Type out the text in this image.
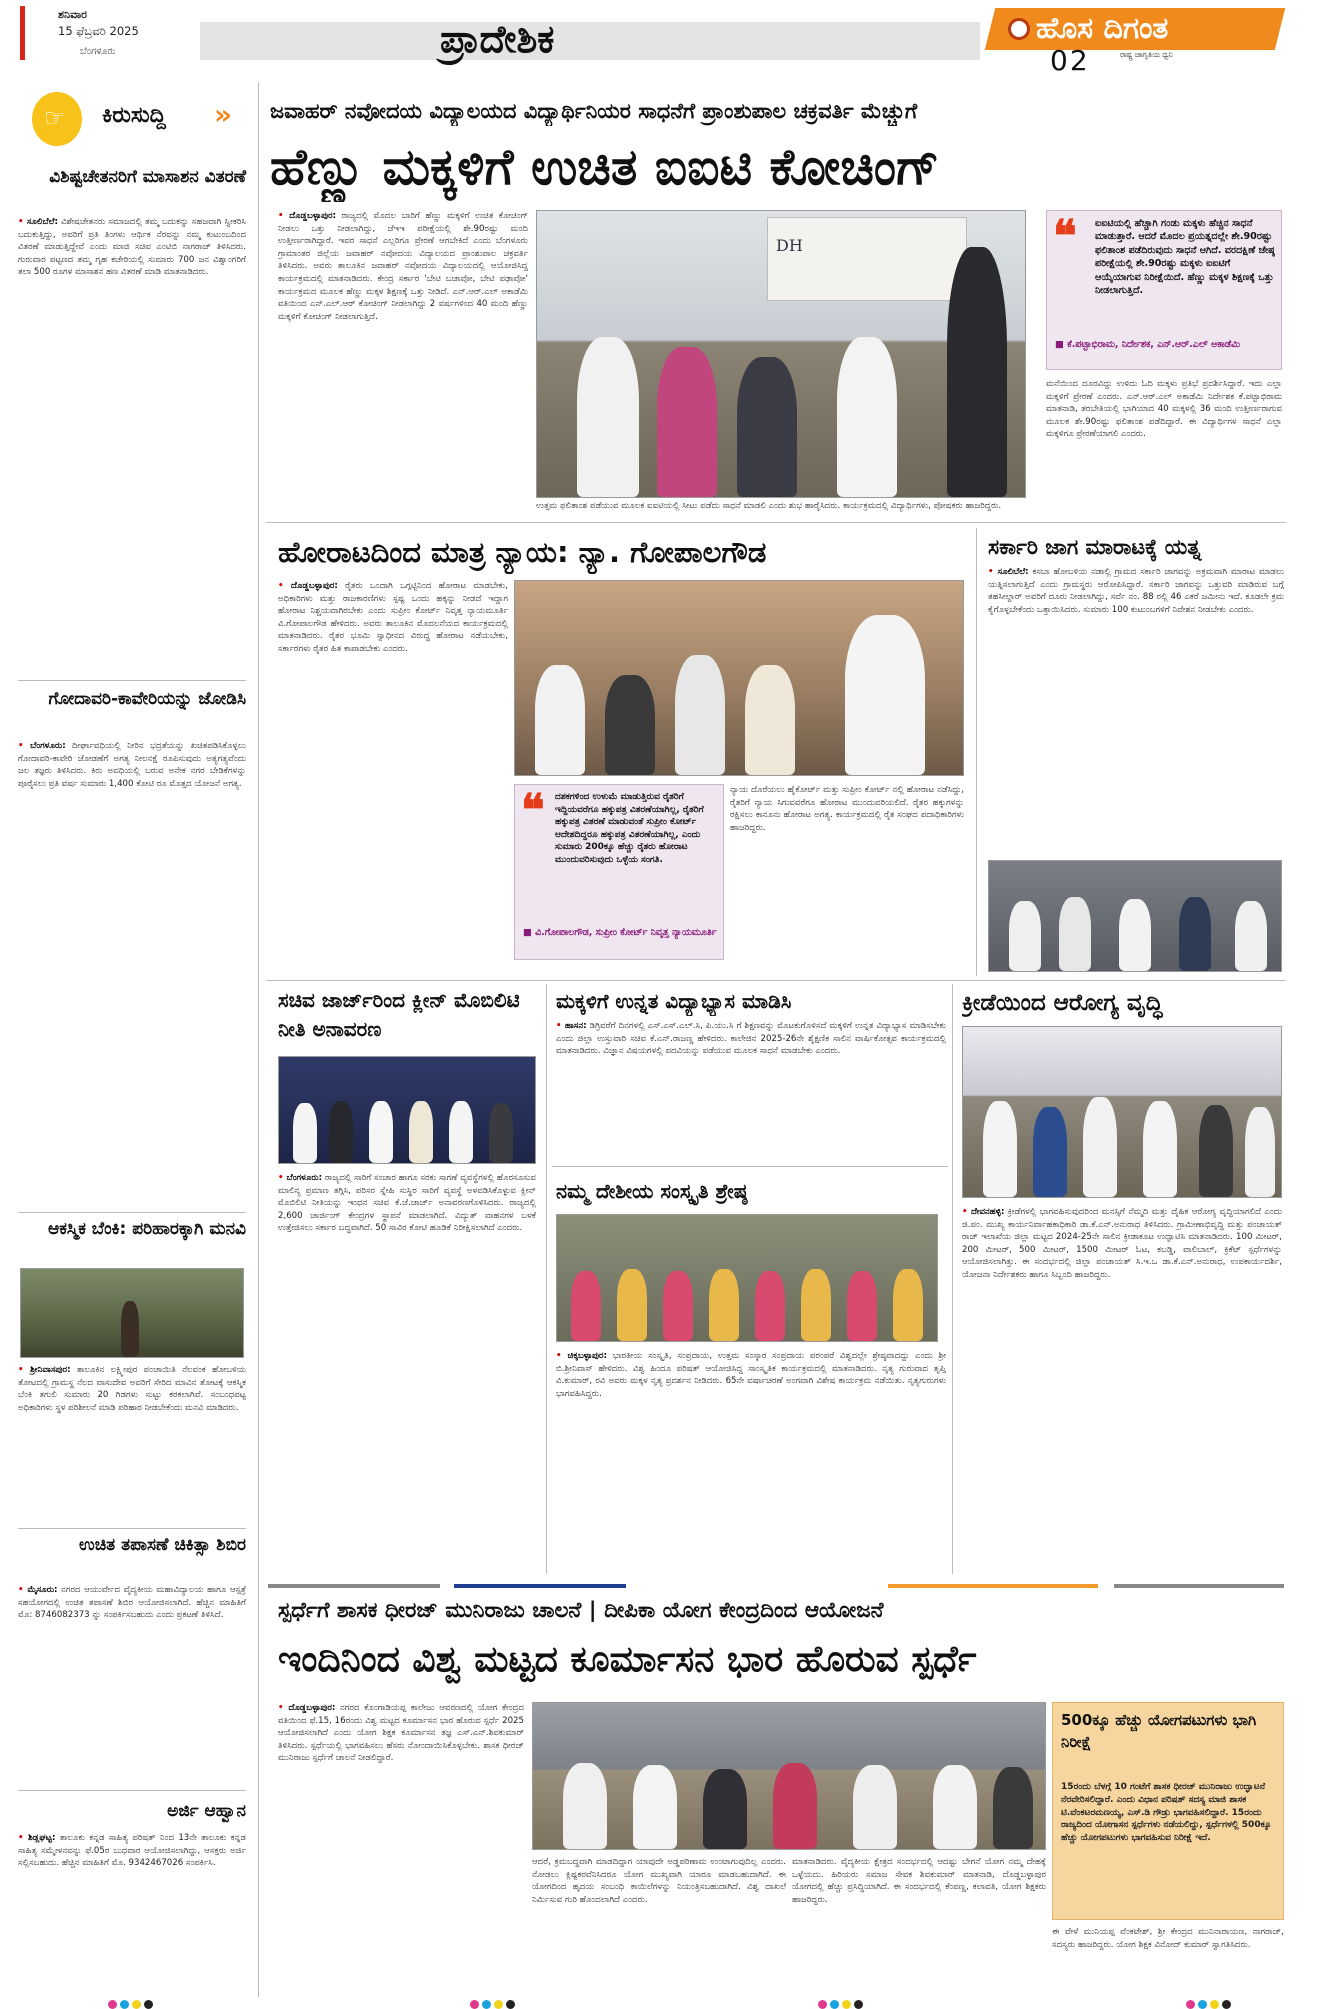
ಶನಿವಾರ
15 ಫೆಬ್ರವರಿ 2025
ಬೆಂಗಳೂರು	ಪ್ರಾದೇಶಿಕ	ಹೊಸ ದಿಗಂತ
ರಾಷ್ಟ್ರ ಜಾಗೃತಿಯ ಧ್ವನಿ
02
☞ ಕಿರುಸುದ್ದಿ »
ವಿಶಿಷ್ಟಚೇತನರಿಗೆ ಮಾಸಾಶನ ವಿತರಣೆ
• ಸೂಲಿಬೆಲೆ: ವಿಶೇಷಚೇತನರು ಸಮಾಜದಲ್ಲಿ ತಮ್ಮ ಬದುಕನ್ನು ಸಹಜವಾಗಿ ಸ್ವೀಕರಿಸಿ ಬದುಕುತ್ತಿದ್ದು, ಅವರಿಗೆ ಪ್ರತಿ ತಿಂಗಳು ಆರ್ಥಿಕ ನೆರವನ್ನು ನಮ್ಮ ಕುಟುಂಬದಿಂದ ವಿತರಣೆ ಮಾಡುತ್ತಿದ್ದೇವೆ ಎಂದು ಮಾಜಿ ಸಚಿವ ಎಂಟಿಬಿ ನಾಗರಾಜ್ ತಿಳಿಸಿದರು. ಗುರುವಾರ ಪಟ್ಟಣದ ತಮ್ಮ ಗೃಹ ಕಚೇರಿಯಲ್ಲಿ ಸುಮಾರು 700 ಜನ ವಿಶ್ವಾಂಗರಿಗೆ ತಲಾ 500 ರೂಗಳ ಮಾಸಾಶನ ಹಣ ವಿತರಣೆ ಮಾಡಿ ಮಾತನಾಡಿದರು.
ಗೋದಾವರಿ-ಕಾವೇರಿಯನ್ನು ಜೋಡಿಸಿ
• ಬೆಂಗಳೂರು: ದೀರ್ಘಾವಧಿಯಲ್ಲಿ ನೀರಿನ ಭದ್ರತೆಯನ್ನು ಖಚಿತಪಡಿಸಿಕೊಳ್ಳಲು ಗೋದಾವರಿ-ಕಾವೇರಿ ಜೋಡಣೆಗೆ ಅಗತ್ಯ ನೀಲನಕ್ಷೆ ರೂಪಿಸುವುದು ಅತ್ಯಗತ್ಯವೆಂದು ಜಲ ತಜ್ಞರು ತಿಳಿಸಿದರು. ಕಿರು ಅವಧಿಯಲ್ಲಿ ಬರುವ ಅನೇಕ ನಗರ ಬೇಡಿಕೆಗಳನ್ನು ಪೂರೈಸಲು ಪ್ರತಿ ವರ್ಷ ಸುಮಾರು 1,400 ಕೋಟಿ ರೂ ಮೊತ್ತದ ಯೋಜನೆ ಅಗತ್ಯ.
ಆಕಸ್ಮಿಕ ಬೆಂಕಿ: ಪರಿಹಾರಕ್ಕಾಗಿ ಮನವಿ
• ಶ್ರೀನಿವಾಸಪುರ: ತಾಲೂಕಿನ ಲಕ್ಷ್ಮೀಪುರ ಪಂಚಾಯಿತಿ ನೆಲವಂಕ ಹೋಬಳಿಯ ತೋಟದಲ್ಲಿ ಗ್ರಾಮಸ್ಥ ನೆಲದ ವಾಸುದೇವ ಅವರಿಗೆ ಸೇರಿದ ಮಾವಿನ ತೋಟಕ್ಕೆ ಆಕಸ್ಮಿಕ ಬೆಂಕಿ ತಗುಲಿ ಸುಮಾರು 20 ಗಿಡಗಳು ಸುಟ್ಟು ಕರಕಲಾಗಿವೆ. ಸಂಬಂಧಪಟ್ಟ ಅಧಿಕಾರಿಗಳು ಸ್ಥಳ ಪರಿಶೀಲನೆ ಮಾಡಿ ಪರಿಹಾರ ನೀಡಬೇಕೆಂದು ಮನವಿ ಮಾಡಿದರು.
ಉಚಿತ ತಪಾಸಣೆ ಚಿಕಿತ್ಸಾ ಶಿಬಿರ
• ಮೈಸೂರು: ನಗರದ ಆಯುರ್ವೇದ ವೈದ್ಯಕೀಯ ಮಹಾವಿದ್ಯಾಲಯ ಹಾಗೂ ಆಸ್ಪತ್ರೆ ಸಹಯೋಗದಲ್ಲಿ ಉಚಿತ ತಪಾಸಣೆ ಶಿಬಿರ ಆಯೋಜಿಸಲಾಗಿದೆ. ಹೆಚ್ಚಿನ ಮಾಹಿತಿಗೆ ಮೊ: 8746082373 ನ್ನು ಸಂಪರ್ಕಿಸಬಹುದು ಎಂದು ಪ್ರಕಟಣೆ ತಿಳಿಸಿದೆ.
ಅರ್ಜಿ ಆಹ್ವಾನ
• ಶಿಡ್ಲಘಟ್ಟ: ತಾಲೂಕು ಕನ್ನಡ ಸಾಹಿತ್ಯ ಪರಿಷತ್ ನಿಂದ 13ನೇ ತಾಲೂಕು ಕನ್ನಡ ಸಾಹಿತ್ಯ ಸಮ್ಮೇಳನವನ್ನು ಫೆ.05ರ ಬುಧವಾರ ಆಯೋಜಿಸಲಾಗಿದ್ದು, ಆಸಕ್ತರು ಅರ್ಜಿ ಸಲ್ಲಿಸಬಹುದು. ಹೆಚ್ಚಿನ ಮಾಹಿತಿಗೆ ಮೊ. 9342467026 ಸಂಪರ್ಕಿಸಿ.
ಜವಾಹರ್ ನವೋದಯ ವಿದ್ಯಾಲಯದ ವಿದ್ಯಾರ್ಥಿನಿಯರ ಸಾಧನೆಗೆ ಪ್ರಾಂಶುಪಾಲ ಚಕ್ರವರ್ತಿ ಮೆಚ್ಚುಗೆ
ಹೆಣ್ಣು ಮಕ್ಕಳಿಗೆ ಉಚಿತ ಐಐಟಿ ಕೋಚಿಂಗ್
• ದೊಡ್ಡಬಳ್ಳಾಪುರ: ರಾಜ್ಯದಲ್ಲಿ ಮೊದಲ ಬಾರಿಗೆ ಹೆಣ್ಣು ಮಕ್ಕಳಿಗೆ ಉಚಿತ ಕೋಚಿಂಗ್ ನೀಡಲು ಒತ್ತು ನೀಡಲಾಗಿದ್ದು, ಜೆಇಇ ಪರೀಕ್ಷೆಯಲ್ಲಿ ಶೇ.90ರಷ್ಟು ಮಂದಿ ಉತ್ತೀರ್ಣರಾಗಿದ್ದಾರೆ. ಇವರ ಸಾಧನೆ ಎಲ್ಲರಿಗೂ ಪ್ರೇರಣೆ ಆಗಬೇಕಿದೆ ಎಂದು ಬೆಂಗಳೂರು ಗ್ರಾಮಾಂತರ ಜಿಲ್ಲೆಯ ಜವಾಹರ್ ನವೋದಯ ವಿದ್ಯಾಲಯದ ಪ್ರಾಂಶುಪಾಲ ಚಕ್ರವರ್ತಿ ತಿಳಿಸಿದರು. ಅವರು ತಾಲೂಕಿನ ಜವಾಹರ್ ನವೋದಯ ವಿದ್ಯಾಲಯದಲ್ಲಿ ಆಯೋಜಿಸಿದ್ದ ಕಾರ್ಯಕ್ರಮದಲ್ಲಿ ಮಾತನಾಡಿದರು. ಕೇಂದ್ರ ಸರ್ಕಾರ 'ಬೇಟಿ ಬಚಾವೋ, ಬೇಟಿ ಪಢಾವೋ' ಕಾರ್ಯಕ್ರಮದ ಮೂಲಕ ಹೆಣ್ಣು ಮಕ್ಕಳ ಶಿಕ್ಷಣಕ್ಕೆ ಒತ್ತು ನೀಡಿದೆ. ಎನ್.ಆರ್.ಎಲ್ ಅಕಾಡೆಮಿ ವತಿಯಿಂದ ಎನ್.ಎಲ್.ಆರ್ ಕೋಚಿಂಗ್ ನೀಡಲಾಗಿದ್ದು 2 ವರ್ಷಗಳಿಂದ 40 ಮಂದಿ ಹೆಣ್ಣು ಮಕ್ಕಳಿಗೆ ಕೋಚಿಂಗ್ ನೀಡಲಾಗುತ್ತಿದೆ.
DH
ಉತ್ತಮ ಫಲಿತಾಂಶ ಪಡೆಯುವ ಮೂಲಕ ಐಐಟಿಯಲ್ಲಿ ಸೀಟು ಪಡೆದು ಸಾಧನೆ ಮಾಡಲಿ ಎಂದು ಶುಭ ಹಾರೈಸಿದರು. ಕಾರ್ಯಕ್ರಮದಲ್ಲಿ ವಿದ್ಯಾರ್ಥಿಗಳು, ಪೋಷಕರು ಹಾಜರಿದ್ದರು.
❝ ಐಐಟಿಯಲ್ಲಿ ಹೆಚ್ಚಾಗಿ ಗಂಡು ಮಕ್ಕಳು ಹೆಚ್ಚಿನ ಸಾಧನೆ ಮಾಡುತ್ತಾರೆ. ಆದರೆ ಮೊದಲ ಪ್ರಯತ್ನದಲ್ಲೇ ಶೇ.90ರಷ್ಟು ಫಲಿತಾಂಶ ಪಡೆದಿರುವುದು ಸಾಧನೆ ಆಗಿದೆ. ವರದಕ್ಷಿಣೆ ಜೇಷ್ಠ ಪರೀಕ್ಷೆಯಲ್ಲಿ ಶೇ.90ರಷ್ಟು ಮಕ್ಕಳು ಐಐಟಿಗೆ ಆಯ್ಕೆಯಾಗುವ ನಿರೀಕ್ಷೆಯಿದೆ. ಹೆಣ್ಣು ಮಕ್ಕಳ ಶಿಕ್ಷಣಕ್ಕೆ ಒತ್ತು ನೀಡಲಾಗುತ್ತಿದೆ.
■ ಕೆ.ಪಟ್ಟಾಭಿರಾಮ, ನಿರ್ದೇಶಕ, ಎನ್.ಆರ್.ಎಲ್ ಅಕಾಡೆಮಿ
ಮನೆಯಿಂದ ದೂರವಿದ್ದು ಉಳಿದು ಓದಿ ಮಕ್ಕಳು ಪ್ರತಿಭೆ ಪ್ರದರ್ಶಿಸಿದ್ದಾರೆ. ಇದು ಎಲ್ಲಾ ಮಕ್ಕಳಿಗೆ ಪ್ರೇರಣೆ ಎಂದರು. ಎನ್.ಆರ್.ಎಲ್ ಅಕಾಡೆಮಿ ನಿರ್ದೇಶಕ ಕೆ.ಪಟ್ಟಾಭಿರಾಮ ಮಾತನಾಡಿ, ತರಬೇತಿಯಲ್ಲಿ ಭಾಗಿಯಾದ 40 ಮಕ್ಕಳಲ್ಲಿ 36 ಮಂದಿ ಉತ್ತೀರ್ಣರಾಗುವ ಮೂಲಕ ಶೇ.90ರಷ್ಟು ಫಲಿತಾಂಶ ಪಡೆದಿದ್ದಾರೆ. ಈ ವಿದ್ಯಾರ್ಥಿಗಳ ಸಾಧನೆ ಎಲ್ಲಾ ಮಕ್ಕಳಿಗೂ ಪ್ರೇರಣೆಯಾಗಲಿ ಎಂದರು.
ಹೋರಾಟದಿಂದ ಮಾತ್ರ ನ್ಯಾಯ: ನ್ಯಾ. ಗೋಪಾಲಗೌಡ
• ದೊಡ್ಡಬಳ್ಳಾಪುರ: ರೈತರು ಒಂದಾಗಿ ಒಗ್ಗಟ್ಟಿನಿಂದ ಹೋರಾಟ ಮಾಡಬೇಕು, ಅಧಿಕಾರಿಗಳು ಮತ್ತು ರಾಜಕಾರಣಿಗಳು ಸ್ಪಷ್ಟ ಒಂದು ಹಕ್ಕನ್ನು ನೀಡದೆ ಇದ್ದಾಗ ಹೋರಾಟ ನಿಶ್ಚಯವಾಗಿರಬೇಕು ಎಂದು ಸುಪ್ರೀಂ ಕೋರ್ಟ್ ನಿವೃತ್ತ ನ್ಯಾಯಮೂರ್ತಿ ವಿ.ಗೋಪಾಲಗೌಡ ಹೇಳಿದರು. ಅವರು ತಾಲೂಕಿನ ಮೊದಲನೆಯದ ಕಾರ್ಯಕ್ರಮದಲ್ಲಿ ಮಾತನಾಡಿದರು. ರೈತರ ಭೂಮಿ ಸ್ವಾಧೀನದ ವಿರುದ್ಧ ಹೋರಾಟ ನಡೆಯಬೇಕು, ಸರ್ಕಾರಗಳು ರೈತರ ಹಿತ ಕಾಪಾಡಬೇಕು ಎಂದರು.
❝ ದಶಕಗಳಿಂದ ಉಳುಮೆ ಮಾಡುತ್ತಿರುವ ರೈತರಿಗೆ ಇದ್ದಿಯವರೆಗೂ ಹಕ್ಕುಪತ್ರ ವಿತರಣೆಯಾಗಿಲ್ಲ, ರೈತರಿಗೆ ಹಕ್ಕುಪತ್ರ ವಿತರಣೆ ಮಾಡುವಂತೆ ಸುಪ್ರೀಂ ಕೋರ್ಟ್ ಆದೇಶದಿದ್ದರೂ ಹಕ್ಕುಪತ್ರ ವಿತರಣೆಯಾಗಿಲ್ಲ, ಎಂದು ಸುಮಾರು 200ಕ್ಕೂ ಹೆಚ್ಚು ರೈತರು ಹೋರಾಟ ಮುಂದುವರಿಸುವುದು ಒಳ್ಳೆಯ ಸಂಗತಿ.
■ ವಿ.ಗೋಪಾಲಗೌಡ, ಸುಪ್ರೀಂ ಕೋರ್ಟ್ ನಿವೃತ್ತ ನ್ಯಾಯಮೂರ್ತಿ
ನ್ಯಾಯ ದೊರೆಯಲು ಹೈಕೋರ್ಟ್ ಮತ್ತು ಸುಪ್ರೀಂ ಕೋರ್ಟ್ ನಲ್ಲಿ ಹೋರಾಟ ನಡೆಸಿದ್ದು, ರೈತರಿಗೆ ನ್ಯಾಯ ಸಿಗುವವರೆಗೂ ಹೋರಾಟ ಮುಂದುವರಿಯಲಿದೆ. ರೈತರ ಹಕ್ಕುಗಳನ್ನು ರಕ್ಷಿಸಲು ಕಾನೂನು ಹೋರಾಟ ಅಗತ್ಯ. ಕಾರ್ಯಕ್ರಮದಲ್ಲಿ ರೈತ ಸಂಘದ ಪದಾಧಿಕಾರಿಗಳು ಹಾಜರಿದ್ದರು.
ಸರ್ಕಾರಿ ಜಾಗ ಮಾರಾಟಕ್ಕೆ ಯತ್ನ
• ಸೂಲಿಬೆಲೆ: ಕಸಬಾ ಹೋಬಳಿಯ ನಡಾಲ್ಲಿ ಗ್ರಾಮದ ಸರ್ಕಾರಿ ಜಾಗವನ್ನು ಅಕ್ರಮವಾಗಿ ಮಾರಾಟ ಮಾಡಲು ಯತ್ನಿಸಲಾಗುತ್ತಿದೆ ಎಂದು ಗ್ರಾಮಸ್ಥರು ಆರೋಪಿಸಿದ್ದಾರೆ. ಸರ್ಕಾರಿ ಜಾಗವನ್ನು ಒತ್ತುವರಿ ಮಾಡಿರುವ ಬಗ್ಗೆ ತಹಸೀಲ್ದಾರ್ ಅವರಿಗೆ ದೂರು ನೀಡಲಾಗಿದ್ದು, ಸರ್ವೆ ನಂ. 88 ರಲ್ಲಿ 46 ಎಕರೆ ಜಮೀನು ಇದೆ. ಕೂಡಲೇ ಕ್ರಮ ಕೈಗೊಳ್ಳಬೇಕೆಂದು ಒತ್ತಾಯಿಸಿದರು. ಸುಮಾರು 100 ಕುಟುಂಬಗಳಿಗೆ ನಿವೇಶನ ನೀಡಬೇಕು ಎಂದರು.
ಸಚಿವ ಜಾರ್ಜ್‌ರಿಂದ ಕ್ಲೀನ್ ಮೊಬಿಲಿಟಿ ನೀತಿ ಅನಾವರಣ
• ಬೆಂಗಳೂರು: ರಾಜ್ಯದಲ್ಲಿ ಸಾರಿಗೆ ಸಂಚಾರ ಹಾಗೂ ಸರಕು ಸಾಗಣೆ ವ್ಯವಸ್ಥೆಗಳಲ್ಲಿ ಹೊರಸೂಸುವ ಮಾಲಿನ್ಯ ಪ್ರಮಾಣ ತಗ್ಗಿಸಿ, ಪರಿಸರ ಸ್ನೇಹಿ ಸುಸ್ಥಿರ ಸಾರಿಗೆ ವ್ಯವಸ್ಥೆ ಅಳವಡಿಸಿಕೊಳ್ಳುವ ಕ್ಲೀನ್ ಮೊಬಿಲಿಟಿ ನೀತಿಯನ್ನು ಇಂಧನ ಸಚಿವ ಕೆ.ಜೆ.ಜಾರ್ಜ್ ಅನಾವರಣಗೊಳಿಸಿದರು. ರಾಜ್ಯದಲ್ಲಿ 2,600 ಚಾರ್ಜಿಂಗ್ ಕೇಂದ್ರಗಳ ಸ್ಥಾಪನೆ ಮಾಡಲಾಗಿದೆ. ವಿದ್ಯುತ್ ವಾಹನಗಳ ಬಳಕೆ ಉತ್ತೇಜಿಸಲು ಸರ್ಕಾರ ಬದ್ಧವಾಗಿದೆ. 50 ಸಾವಿರ ಕೋಟಿ ಹೂಡಿಕೆ ನಿರೀಕ್ಷಿಸಲಾಗಿದೆ ಎಂದರು.
ಮಕ್ಕಳಿಗೆ ಉನ್ನತ ವಿದ್ಯಾಭ್ಯಾಸ ಮಾಡಿಸಿ
• ಹಾಸನ: ಡಿಗ್ರಿವರೆಗೆ ದಿನಗಳಲ್ಲಿ ಎಸ್.ಎಸ್.ಎಲ್.ಸಿ, ಪಿ.ಯು.ಸಿ ಗೆ ಶಿಕ್ಷಣವನ್ನು ಮೊಟಕುಗೊಳಿಸದೆ ಮಕ್ಕಳಿಗೆ ಉನ್ನತ ವಿದ್ಯಾಭ್ಯಾಸ ಮಾಡಿಸಬೇಕು ಎಂದು ಜಿಲ್ಲಾ ಉಸ್ತುವಾರಿ ಸಚಿವ ಕೆ.ಎನ್.ರಾಜಣ್ಣ ಹೇಳಿದರು. ಕಾಲೇಜಿನ 2025-26ನೇ ಶೈಕ್ಷಣಿಕ ಸಾಲಿನ ವಾರ್ಷಿಕೋತ್ಸವ ಕಾರ್ಯಕ್ರಮದಲ್ಲಿ ಮಾತನಾಡಿದರು. ವಿಜ್ಞಾನ ವಿಷಯಗಳಲ್ಲಿ ಪದವಿಯನ್ನು ಪಡೆಯುವ ಮೂಲಕ ಸಾಧನೆ ಮಾಡಬೇಕು ಎಂದರು.
ನಮ್ಮ ದೇಶೀಯ ಸಂಸ್ಕೃತಿ ಶ್ರೇಷ್ಠ
• ಚಿಕ್ಕಬಳ್ಳಾಪುರ: ಭಾರತೀಯ ಸಂಸ್ಕೃತಿ, ಸಂಪ್ರದಾಯ, ಉತ್ತಮ ಸಂಸ್ಕಾರ ಸಂಪ್ರದಾಯ ಪರಂಪರೆ ವಿಶ್ವದಲ್ಲೇ ಶ್ರೇಷ್ಠವಾದದ್ದು ಎಂದು ಶ್ರೀ ಬಿ.ಶ್ರೀನಿವಾಸ್ ಹೇಳಿದರು. ವಿಶ್ವ ಹಿಂದೂ ಪರಿಷತ್ ಆಯೋಜಿಸಿದ್ದ ಸಾಂಸ್ಕೃತಿಕ ಕಾರ್ಯಕ್ರಮದಲ್ಲಿ ಮಾತನಾಡಿದರು. ನೃತ್ಯ ಗುರುವಾದ ತೃಪ್ತಿ ವಿ.ಕುಮಾರ್, ರವಿ ಅವರು ಮಕ್ಕಳ ನೃತ್ಯ ಪ್ರದರ್ಶನ ನೀಡಿದರು. 65ನೇ ವರ್ಷಾಚರಣೆ ಅಂಗವಾಗಿ ವಿಶೇಷ ಕಾರ್ಯಕ್ರಮ ನಡೆಯಿತು. ನೃತ್ಯಗುರುಗಳು ಭಾಗವಹಿಸಿದ್ದರು.
ಕ್ರೀಡೆಯಿಂದ ಆರೋಗ್ಯ ವೃದ್ಧಿ
• ದೇವನಹಳ್ಳಿ: ಕ್ರೀಡೆಗಳಲ್ಲಿ ಭಾಗವಹಿಸುವುದರಿಂದ ಮನಸ್ಸಿಗೆ ನೆಮ್ಮದಿ ಮತ್ತು ದೈಹಿಕ ಆರೋಗ್ಯ ವೃದ್ಧಿಯಾಗಲಿದೆ ಎಂದು ಜಿ.ಪಂ. ಮುಖ್ಯ ಕಾರ್ಯನಿರ್ವಾಹಕಾಧಿಕಾರಿ ಡಾ.ಕೆ.ಎನ್.ಅನುರಾಧ ತಿಳಿಸಿದರು. ಗ್ರಾಮೀಣಾಭಿವೃದ್ಧಿ ಮತ್ತು ಪಂಚಾಯತ್ ರಾಜ್ ಇಲಾಖೆಯ ಜಿಲ್ಲಾ ಮಟ್ಟದ 2024-25ನೇ ಸಾಲಿನ ಕ್ರೀಡಾಕೂಟ ಉದ್ಘಾಟಿಸಿ ಮಾತನಾಡಿದರು. 100 ಮೀಟರ್, 200 ಮೀಟರ್, 500 ಮೀಟರ್, 1500 ಮೀಟರ್ ಓಟ, ಕಬಡ್ಡಿ, ವಾಲಿಬಾಲ್, ಕ್ರಿಕೆಟ್ ಸ್ಪರ್ಧೆಗಳನ್ನು ಆಯೋಜಿಸಲಾಗಿತ್ತು. ಈ ಸಂದರ್ಭದಲ್ಲಿ ಜಿಲ್ಲಾ ಪಂಚಾಯತ್ ಸಿ.ಇ.ಒ ಡಾ.ಕೆ.ಎನ್.ಅನುರಾಧ, ಉಪಕಾರ್ಯದರ್ಶಿ, ಯೋಜನಾ ನಿರ್ದೇಶಕರು ಹಾಗೂ ಸಿಬ್ಬಂದಿ ಹಾಜರಿದ್ದರು.
ಸ್ಪರ್ಧೆಗೆ ಶಾಸಕ ಧೀರಜ್ ಮುನಿರಾಜು ಚಾಲನೆ | ದೀಪಿಕಾ ಯೋಗ ಕೇಂದ್ರದಿಂದ ಆಯೋಜನೆ
ಇಂದಿನಿಂದ ವಿಶ್ವ ಮಟ್ಟದ ಕೂರ್ಮಾಸನ ಭಾರ ಹೊರುವ ಸ್ಪರ್ಧೆ
• ದೊಡ್ಡಬಳ್ಳಾಪುರ: ನಗರದ ಕೊಂಗಾಡಿಯಪ್ಪ ಕಾಲೇಜು ಆವರಣದಲ್ಲಿ ಯೋಗ ಕೇಂದ್ರದ ವತಿಯಿಂದ ಫೆ.15, 16ರಂದು ವಿಶ್ವ ಮಟ್ಟದ ಕೂರ್ಮಾಸನ ಭಾರ ಹೊರುವ ಸ್ಪರ್ಧೆ 2025 ಆಯೋಜಿಸಲಾಗಿದೆ ಎಂದು ಯೋಗ ಶಿಕ್ಷಕ ಕೂರ್ಮಾಸನ ತಜ್ಞ ಎಸ್.ಎನ್.ಶಿವಕುಮಾರ್ ತಿಳಿಸಿದರು. ಸ್ಪರ್ಧೆಯಲ್ಲಿ ಭಾಗವಹಿಸಲು ಹೆಸರು ನೋಂದಾಯಿಸಿಕೊಳ್ಳಬೇಕು. ಶಾಸಕ ಧೀರಜ್ ಮುನಿರಾಜು ಸ್ಪರ್ಧೆಗೆ ಚಾಲನೆ ನೀಡಲಿದ್ದಾರೆ.
ಆದರೆ, ಕ್ರಮಬದ್ಧವಾಗಿ ಮಾಡದಿದ್ದಾಗ ಯಾವುದೇ ಅಡ್ಡಪರಿಣಾಮ ಉಂಟಾಗುವುದಿಲ್ಲ ಎಂದರು. ನೋಡಲು ಕ್ಲಿಷ್ಟಕರವೆನಿಸಿದರೂ ಯೋಗ ಮುಖ್ಯವಾಗಿ ಯಾರೂ ಮಾಡಬಹುದಾಗಿದೆ. ಈ ಯೋಗದಿಂದ ಹೃದಯ ಸಂಬಂಧಿ ಕಾಯಿಲೆಗಳನ್ನು ನಿಯಂತ್ರಿಸಬಹುದಾಗಿದೆ. ವಿಶ್ವ ದಾಖಲೆ ನಿರ್ಮಿಸುವ ಗುರಿ ಹೊಂದಲಾಗಿದೆ ಎಂದರು.
ಮಾತನಾಡಿದರು. ವೈದ್ಯಕೀಯ ಕ್ಷೇತ್ರದ ಸಂದರ್ಭದಲ್ಲಿ ಆದಷ್ಟು ಬೇಗನೆ ಯೋಗ ನಮ್ಮ ದೇಹಕ್ಕೆ ಒಳ್ಳೆಯದು. ಹಿರಿಯರು ಸಮಾಜ ಸೇವಕ ಶಿವಕುಮಾರ್ ಮಾತನಾಡಿ, ದೊಡ್ಡಬಳ್ಳಾಪುರ ಯೋಗದಲ್ಲಿ ಹೆಚ್ಚು ಪ್ರಸಿದ್ಧಿಯಾಗಿದೆ. ಈ ಸಂದರ್ಭದಲ್ಲಿ ಕೆಂಪಣ್ಣ, ಕಲಾವತಿ, ಯೋಗ ಶಿಕ್ಷಕರು ಹಾಜರಿದ್ದರು.
500ಕ್ಕೂ ಹೆಚ್ಚು ಯೋಗಪಟುಗಳು ಭಾಗಿ ನಿರೀಕ್ಷೆ
15ರಂದು ಬೆಳಗ್ಗೆ 10 ಗಂಟೆಗೆ ಶಾಸಕ ಧೀರಜ್ ಮುನಿರಾಜು ಉದ್ಘಾಟನೆ ನೆರವೇರಿಸಲಿದ್ದಾರೆ. ಎಂದು ವಿಧಾನ ಪರಿಷತ್ ಸದಸ್ಯ ಮಾಜಿ ಶಾಸಕ ಟಿ.ವೆಂಕಟರಮಣಯ್ಯ, ಎಸ್.ಡಿ ಗೌಡ್ರು ಭಾಗವಹಿಸಲಿದ್ದಾರೆ. 15ರಂದು ರಾಜ್ಯದಿಂದ ಯೋಗಾಸನ ಸ್ಪರ್ಧೆಗಳು ನಡೆಯಲಿದ್ದು, ಸ್ಪರ್ಧೆಗಳಲ್ಲಿ 500ಕ್ಕೂ ಹೆಚ್ಚು ಯೋಗಪಟುಗಳು ಭಾಗವಹಿಸುವ ನಿರೀಕ್ಷೆ ಇದೆ.
ಈ ವೇಳೆ ಮುನಿಯಪ್ಪ ವೆಂಕಟೇಶ್, ಶ್ರೀ ಕೇಂದ್ರದ ಮುನಿನಾರಾಯಣ, ನಾಗರಾಜ್, ಸದಸ್ಯರು ಹಾಜರಿದ್ದರು. ಯೋಗ ಶಿಕ್ಷಕ ವಿನೋದ್ ಕುಮಾರ್ ಸ್ವಾಗತಿಸಿದರು.
